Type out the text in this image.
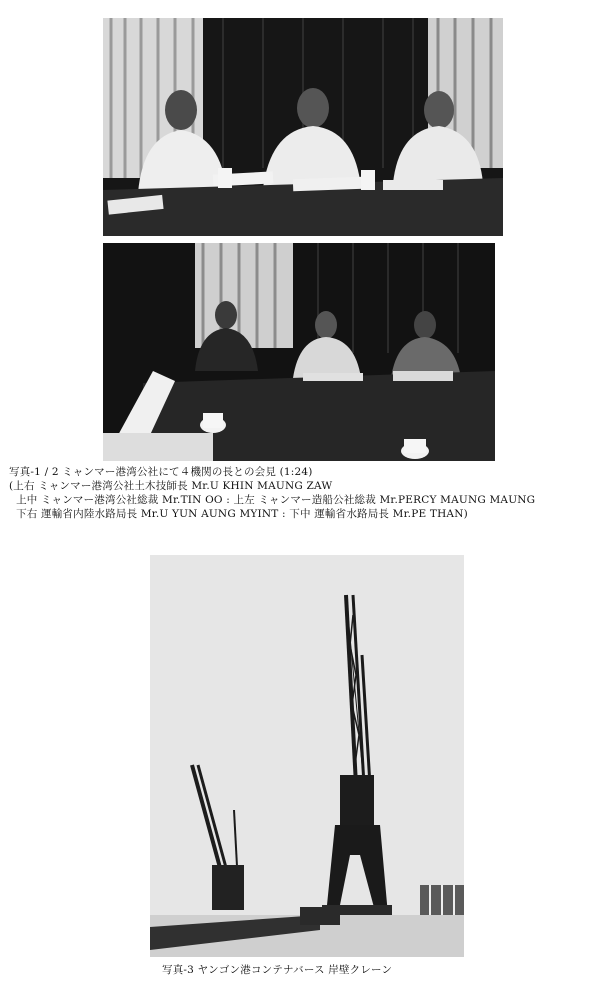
写真-1 / 2 ミャンマー港湾公社にて４機関の長との会見 (1:24)
(上右 ミャンマー港湾公社土木技師長 Mr.U KHIN MAUNG ZAW
上中 ミャンマー港湾公社総裁 Mr.TIN OO : 上左 ミャンマー造船公社総裁 Mr.PERCY MAUNG MAUNG
下右 運輸省内陸水路局長 Mr.U YUN AUNG MYINT : 下中 運輸省水路局長 Mr.PE THAN)
写真-3 ヤンゴン港コンテナバース 岸壁クレーン
